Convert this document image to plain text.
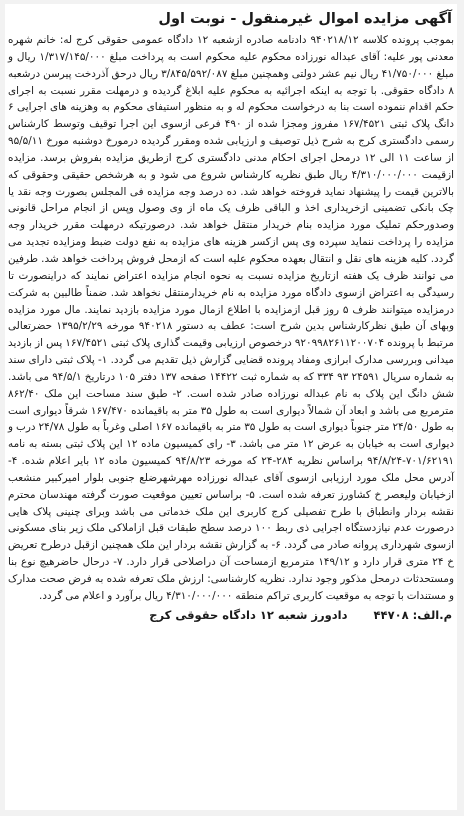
آگهی مزایده اموال غیرمنقول - نوبت اول

بموجب پرونده کلاسه ۹۴۰۲۱۸/۱۲ دادنامه صادره ازشعبه ۱۲ دادگاه عمومی حقوقی کرج له: خانم شهره معدنی پور علیه: آقای عبداله نورزاده محکوم علیه محکوم است به پرداخت مبلغ ۱/۳۱۷/۱۴۵/۰۰۰ ریال و مبلغ ۴۱/۷۵۰/۰۰۰ ریال نیم عشر دولتی وهمچنین مبلغ ۳/۸۴۵/۵۹۲/۰۸۷ ریال درحق آذردخت پیرسن درشعبه ۸ دادگاه حقوقی. با توجه به اینکه اجرائیه به محکوم علیه ابلاغ گردیده و درمهلت مقرر نسبت به اجرای حکم اقدام ننموده است بنا به درخواست محکوم له و به منظور استیفای محکوم به وهزینه های اجرایی ۶ دانگ پلاک ثبتی ۱۶۷/۴۵۲۱ مفروز ومجزا شده از ۴۹۰ فرعی ازسوی این اجرا توقیف وتوسط کارشناس رسمی دادگستری کرج به شرح ذیل توصیف و ارزیابی شده ومقرر گردیده درمورخ دوشنبه مورخ ۹۵/۵/۱۱ از ساعت ۱۱ الی ۱۲ درمحل اجرای احکام مدنی دادگستری کرج ازطریق مزایده بفروش برسد. مزایده ازقیمت ۴/۳۱۰/۰۰۰/۰۰۰ ریال طبق نظریه کارشناس شروع می شود و به هرشخص حقیقی وحقوقی که بالاترین قیمت را پیشنهاد نماید فروخته خواهد شد. ده درصد وجه مزایده فی المجلس بصورت وجه نقد یا چک بانکی تضمینی ازخریداری اخذ و الباقی ظرف یک ماه از وی وصول وپس از انجام مراحل قانونی وصدورحکم تملیک مورد مزایده بنام خریدار منتقل خواهد شد. درصورتیکه درمهلت مقرر خریدار وجه مزایده را پرداخت ننماید سپرده وی پس ازکسر هزینه های مزایده به نفع دولت ضبط ومزایده تجدید می گردد. کلیه هزینه های نقل و انتقال بعهده محکوم علیه است که ازمحل فروش پرداخت خواهد شد. طرفین می توانند ظرف یک هفته ازتاریخ مزایده نسبت به نحوه انجام مزایده اعتراض نمایند که دراینصورت تا رسیدگی به اعتراض ازسوی دادگاه مورد مزایده به نام خریدارمنتقل نخواهد شد. ضمناً طالبین به شرکت درمزایده میتوانند ظرف ۵ روز قبل ازمزایده با اطلاع ازمال مورد مزایده بازدید نمایند. مال مورد مزایده وبهای آن طبق نظرکارشناس بدین شرح است: عطف به دستور ۹۴۰۲۱۸ مورخه ۱۳۹۵/۲/۲۹ حضرتعالی مرتبط با پرونده ۹۲۰۹۹۸۲۶۱۱۲۰۰۷۰۴ درخصوص ارزیابی وقیمت گذاری پلاک ثبتی ۱۶۷/۴۵۲۱ پس از بازدید میدانی وبررسی مدارک ابرازی ومفاد پرونده قضایی گزارش ذیل تقدیم می گردد. ۱- پلاک ثبتی دارای سند به شماره سریال ۲۴۵۹۱ ۹۳ ۳۳۴ که به شماره ثبت ۱۴۴۲۲ صفحه ۱۳۷ دفتر ۱۰۵ درتاریخ ۹۴/۵/۱ می باشد. شش دانگ این پلاک به نام عبداله نورزاده صادر شده است. ۲- طبق سند مساحت این ملک ۸۶۲/۴۰ مترمربع می باشد و ابعاد آن شمالاً دیواری است به طول ۳۵ متر به باقیمانده ۱۶۷/۴۷۰ شرقاً دیواری است به طول ۲۴/۵۰ متر جنوباً دیواری است به طول ۳۵ متر به باقیمانده ۱۶۷ اصلی وغرباً به طول ۲۴/۷۸ درب و دیواری است به خیابان به عرض ۱۲ متر می باشد. ۳- رای کمیسیون ماده ۱۲ این پلاک ثبتی بسته به نامه ۷۰۱/۶۲۱۹۱-۹۴/۸/۲۴ براساس نظریه ۲۸۴-۲۴ که مورخه ۹۴/۸/۲۳ کمیسیون ماده ۱۲ بایر اعلام شده. ۴- آدرس محل ملک مورد ارزیابی ازسوی آقای عبداله نورزاده مهرشهرضلع جنوبی بلوار امیرکبیر منشعب ازخیابان ولیعصر خ کشاورز تعرفه شده است. ۵- براساس تعیین موقعیت صورت گرفته مهندسان محترم نقشه بردار وانطباق با طرح تفصیلی کرج کاربری این ملک خدماتی می باشد وبرای چنینی پلاک هایی درصورت عدم نیازدستگاه اجرایی ذی ربط ۱۰۰ درصد سطح طبقات قبل ازاملاکی ملک زیر بنای مسکونی ازسوی شهرداری پروانه صادر می گردد. ۶- به گزارش نقشه بردار این ملک همچنین ازقبل درطرح تعریض خ ۲۴ متری قرار دارد و ۱۴۹/۱۲ مترمربع ازمساحت آن دراصلاحی قرار دارد. ۷- درحال حاضرهیچ نوع بنا ومستحدثات درمحل مذکور وجود ندارد. نظریه کارشناسی: ارزش ملک تعرفه شده به فرض صحت مدارک و مستندات با توجه به موقعیت کاربری تراکم منطقه ۴/۳۱۰/۰۰۰/۰۰۰ ریال برآورد و اعلام می گردد.

م.الف: ۴۴۷۰۸
دادورز شعبه ۱۲ دادگاه حقوقی کرج
